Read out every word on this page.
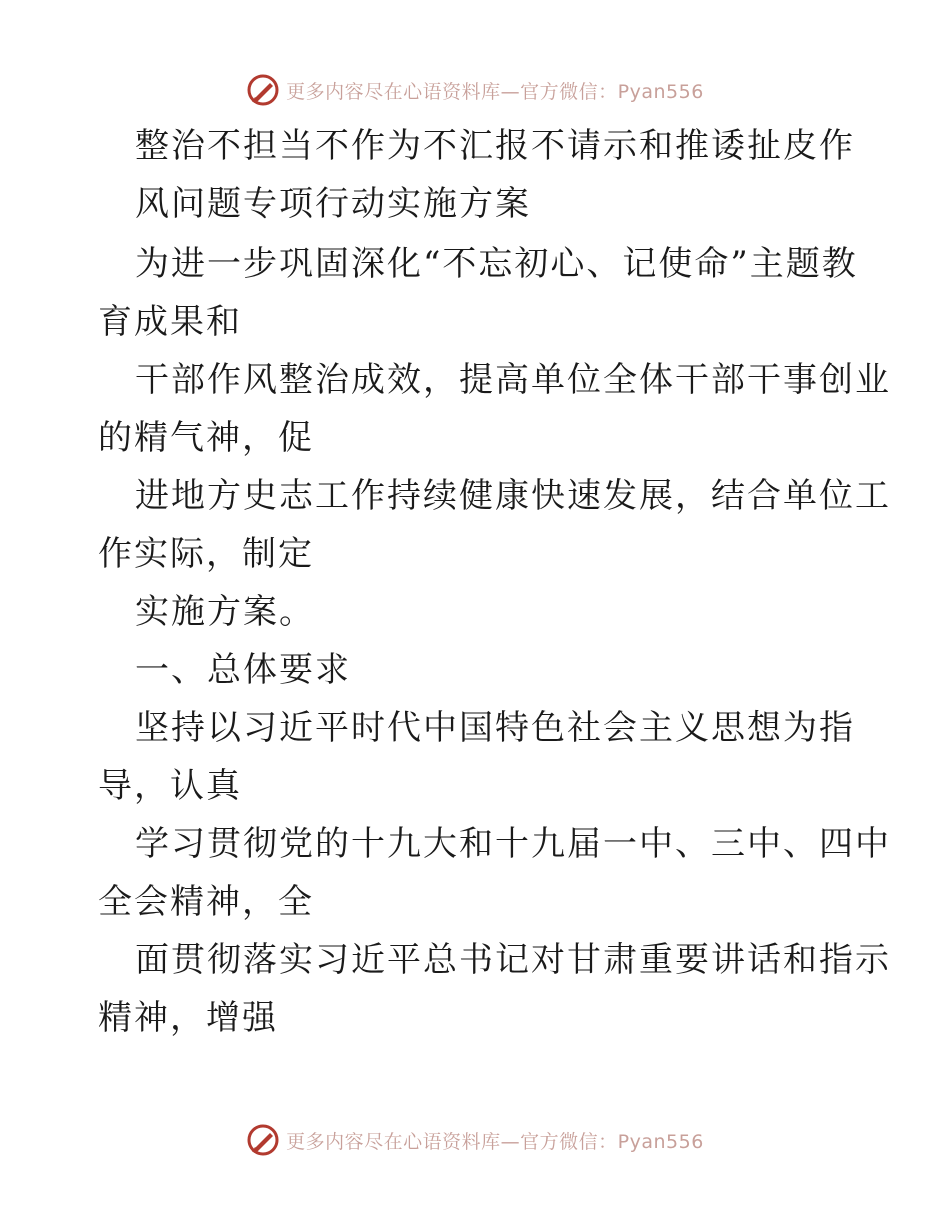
更多内容尽在心语资料库—官方微信：Pyan556
整治不担当不作为不汇报不请示和推诿扯皮作
风问题专项行动实施方案
为进一步巩固深化“不忘初心、记使命”主题教
育成果和
干部作风整治成效，提高单位全体干部干事创业
的精气神，促
进地方史志工作持续健康快速发展，结合单位工
作实际，制定
实施方案。
一、总体要求
坚持以习近平时代中国特色社会主义思想为指
导，认真
学习贯彻党的十九大和十九届一中、三中、四中
全会精神，全
面贯彻落实习近平总书记对甘肃重要讲话和指示
精神，增强
更多内容尽在心语资料库—官方微信：Pyan556
